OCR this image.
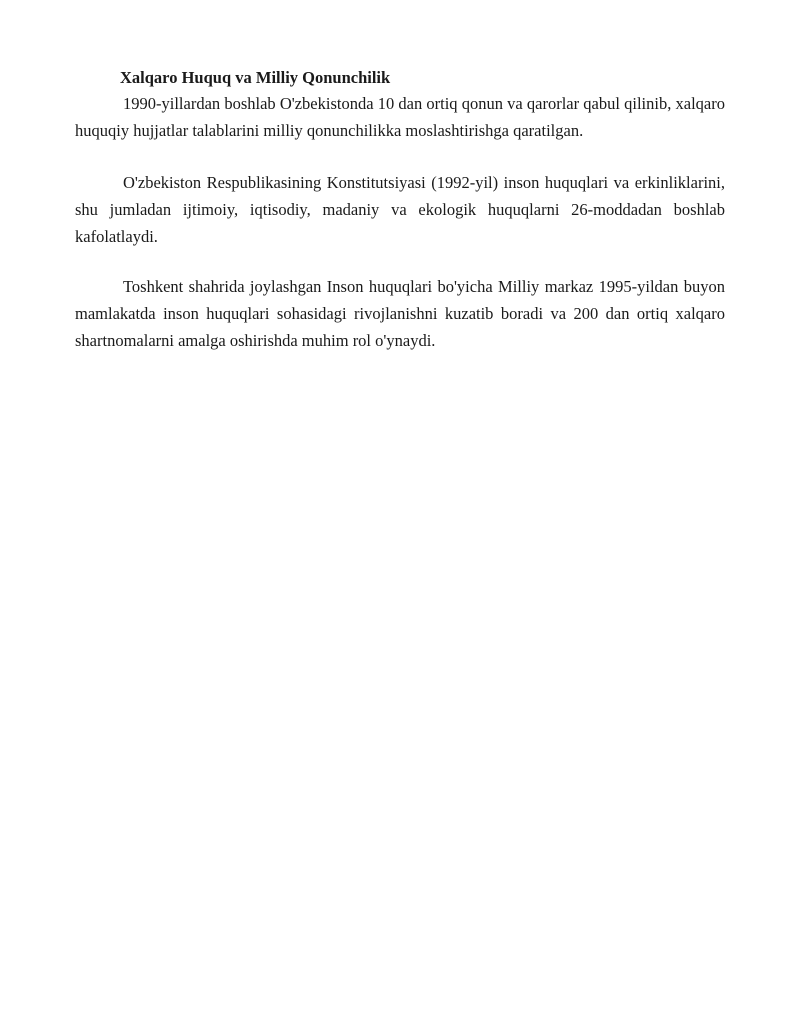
Xalqaro Huquq va Milliy Qonunchilik

1990-yillardan boshlab O'zbekistonda 10 dan ortiq qonun va qarorlar qabul qilinib, xalqaro huquqiy hujjatlar talablarini milliy qonunchilikka moslashtirishga qaratilgan.

O'zbekiston Respublikasining Konstitutsiyasi (1992-yil) inson huquqlari va erkinliklarini, shu jumladan ijtimoiy, iqtisodiy, madaniy va ekologik huquqlarni 26-moddadan boshlab kafolatlaydi.

Toshkent shahrida joylashgan Inson huquqlari bo'yicha Milliy markaz 1995-yildan buyon mamlakatda inson huquqlari sohasidagi rivojlanishni kuzatib boradi va 200 dan ortiq xalqaro shartnomalarni amalga oshirishda muhim rol o'ynaydi.
